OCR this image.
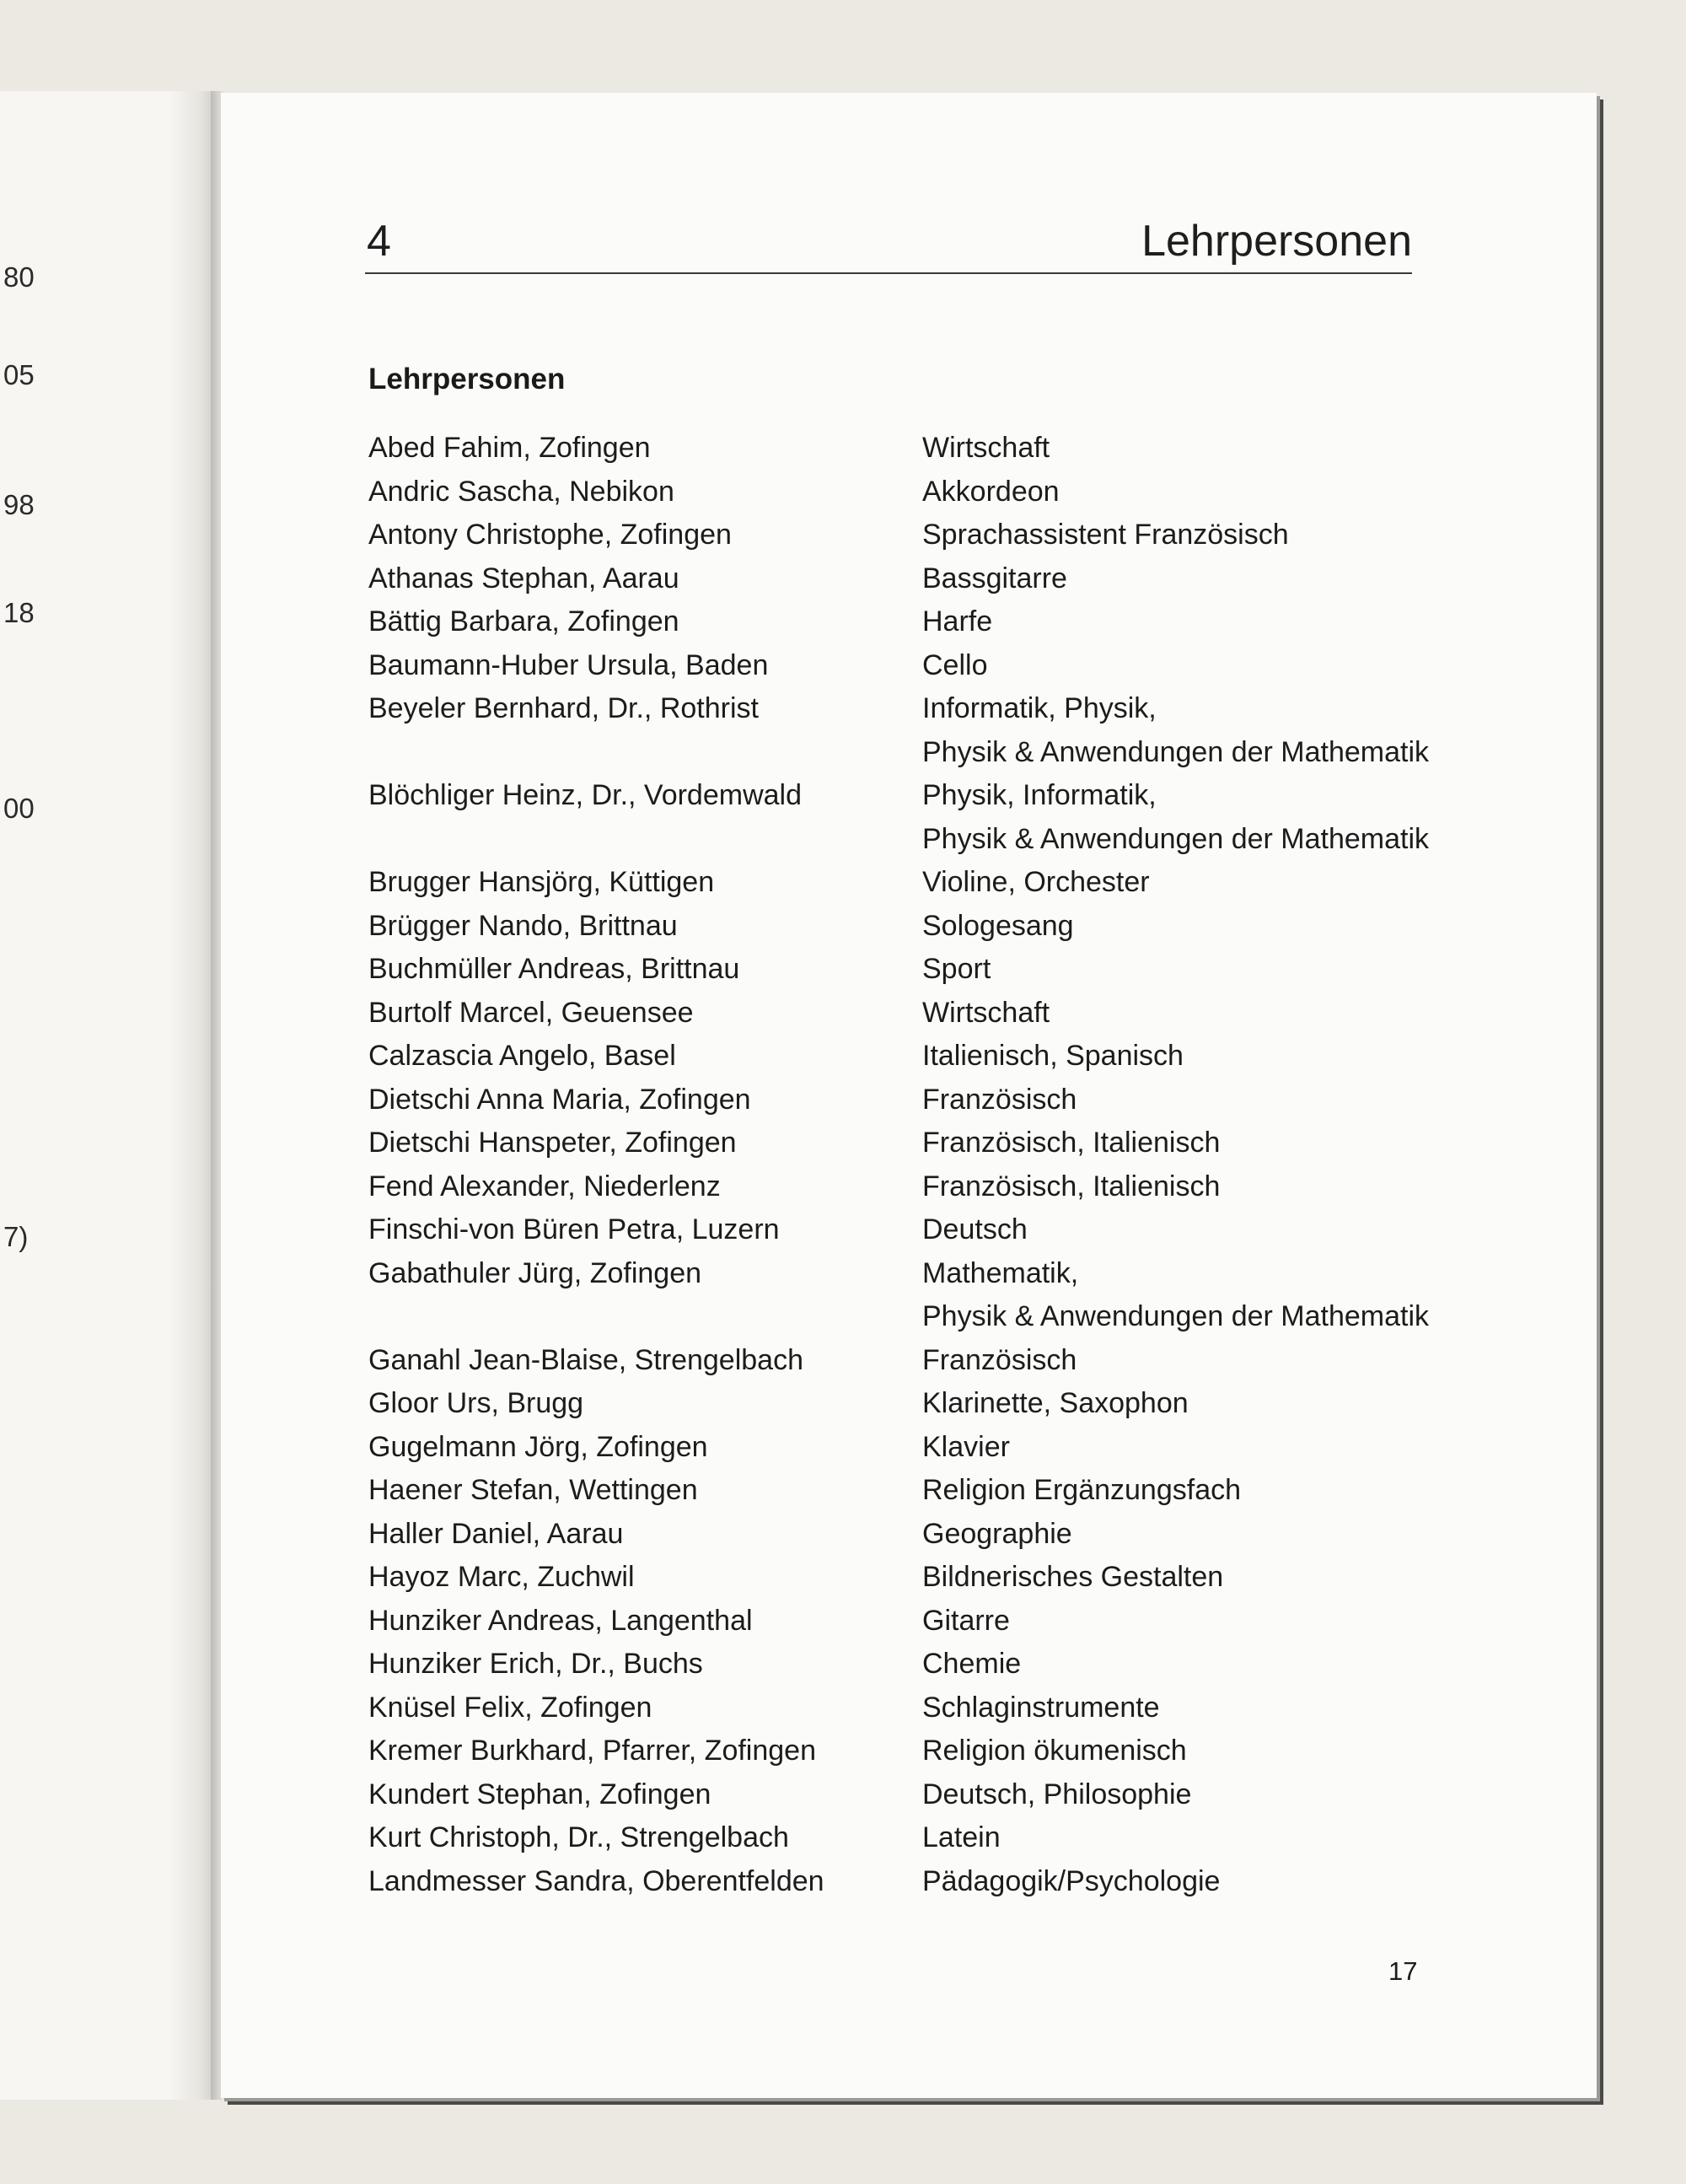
80
05
98
18
00
7)
4	Lehrpersonen
Lehrpersonen
Abed Fahim, Zofingen	Wirtschaft

Andric Sascha, Nebikon	Akkordeon

Antony Christophe, Zofingen	Sprachassistent Französisch

Athanas Stephan, Aarau	Bassgitarre

Bättig Barbara, Zofingen	Harfe

Baumann-Huber Ursula, Baden	Cello

Beyeler Bernhard, Dr., Rothrist	Informatik, Physik,
Physik & Anwendungen der Mathematik

Blöchliger Heinz, Dr., Vordemwald	Physik, Informatik,
Physik & Anwendungen der Mathematik

Brugger Hansjörg, Küttigen	Violine, Orchester

Brügger Nando, Brittnau	Sologesang

Buchmüller Andreas, Brittnau	Sport

Burtolf Marcel, Geuensee	Wirtschaft

Calzascia Angelo, Basel	Italienisch, Spanisch

Dietschi Anna Maria, Zofingen	Französisch

Dietschi Hanspeter, Zofingen	Französisch, Italienisch

Fend Alexander, Niederlenz	Französisch, Italienisch

Finschi-von Büren Petra, Luzern	Deutsch

Gabathuler Jürg, Zofingen	Mathematik,
Physik & Anwendungen der Mathematik

Ganahl Jean-Blaise, Strengelbach	Französisch

Gloor Urs, Brugg	Klarinette, Saxophon

Gugelmann Jörg, Zofingen	Klavier

Haener Stefan, Wettingen	Religion Ergänzungsfach

Haller Daniel, Aarau	Geographie

Hayoz Marc, Zuchwil	Bildnerisches Gestalten

Hunziker Andreas, Langenthal	Gitarre

Hunziker Erich, Dr., Buchs	Chemie

Knüsel Felix, Zofingen	Schlaginstrumente

Kremer Burkhard, Pfarrer, Zofingen	Religion ökumenisch

Kundert Stephan, Zofingen	Deutsch, Philosophie

Kurt Christoph, Dr., Strengelbach	Latein

Landmesser Sandra, Oberentfelden	Pädagogik/Psychologie
17
